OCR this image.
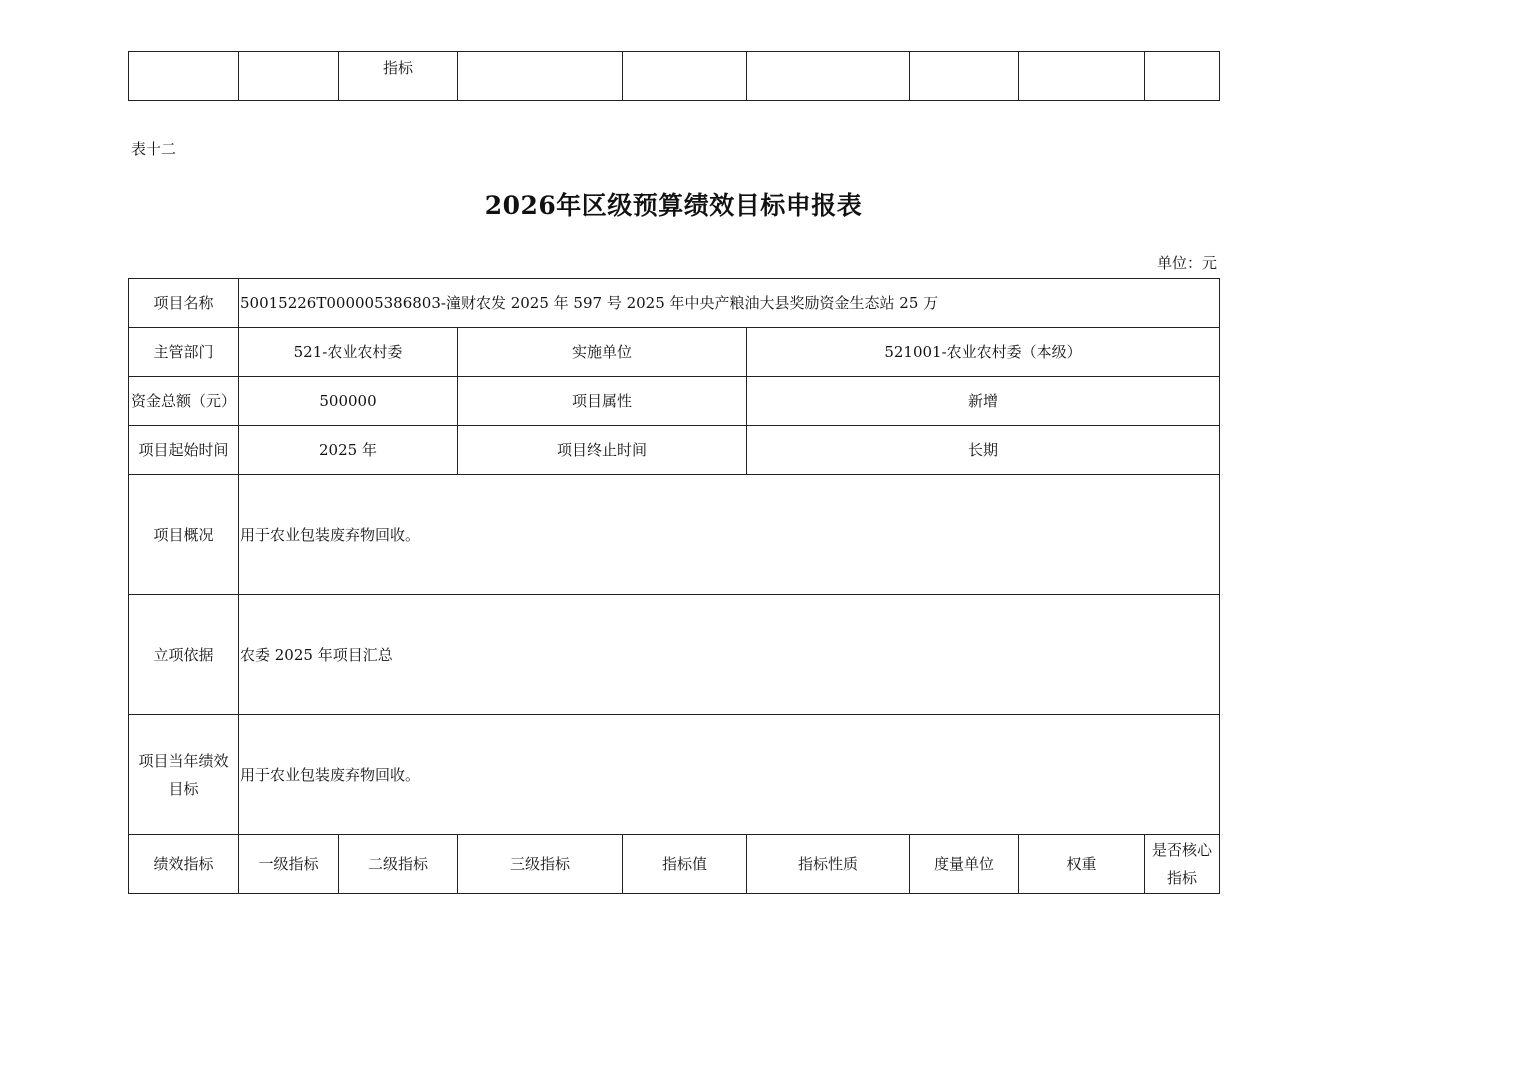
		指标						
表十二
2026年区级预算绩效目标申报表
单位：元
项目名称	50015226T000005386803-潼财农发 2025 年 597 号 2025 年中央产粮油大县奖励资金生态站 25 万							
主管部门	521-农业农村委		实施单位		521001-农业农村委（本级）			
资金总额（元）	500000		项目属性		新增			
项目起始时间	2025 年		项目终止时间		长期			
项目概况	用于农业包装废弃物回收。							
立项依据	农委 2025 年项目汇总							
项目当年绩效目标	用于农业包装废弃物回收。							
绩效指标	一级指标	二级指标	三级指标	指标值	指标性质	度量单位	权重	是否核心指标
